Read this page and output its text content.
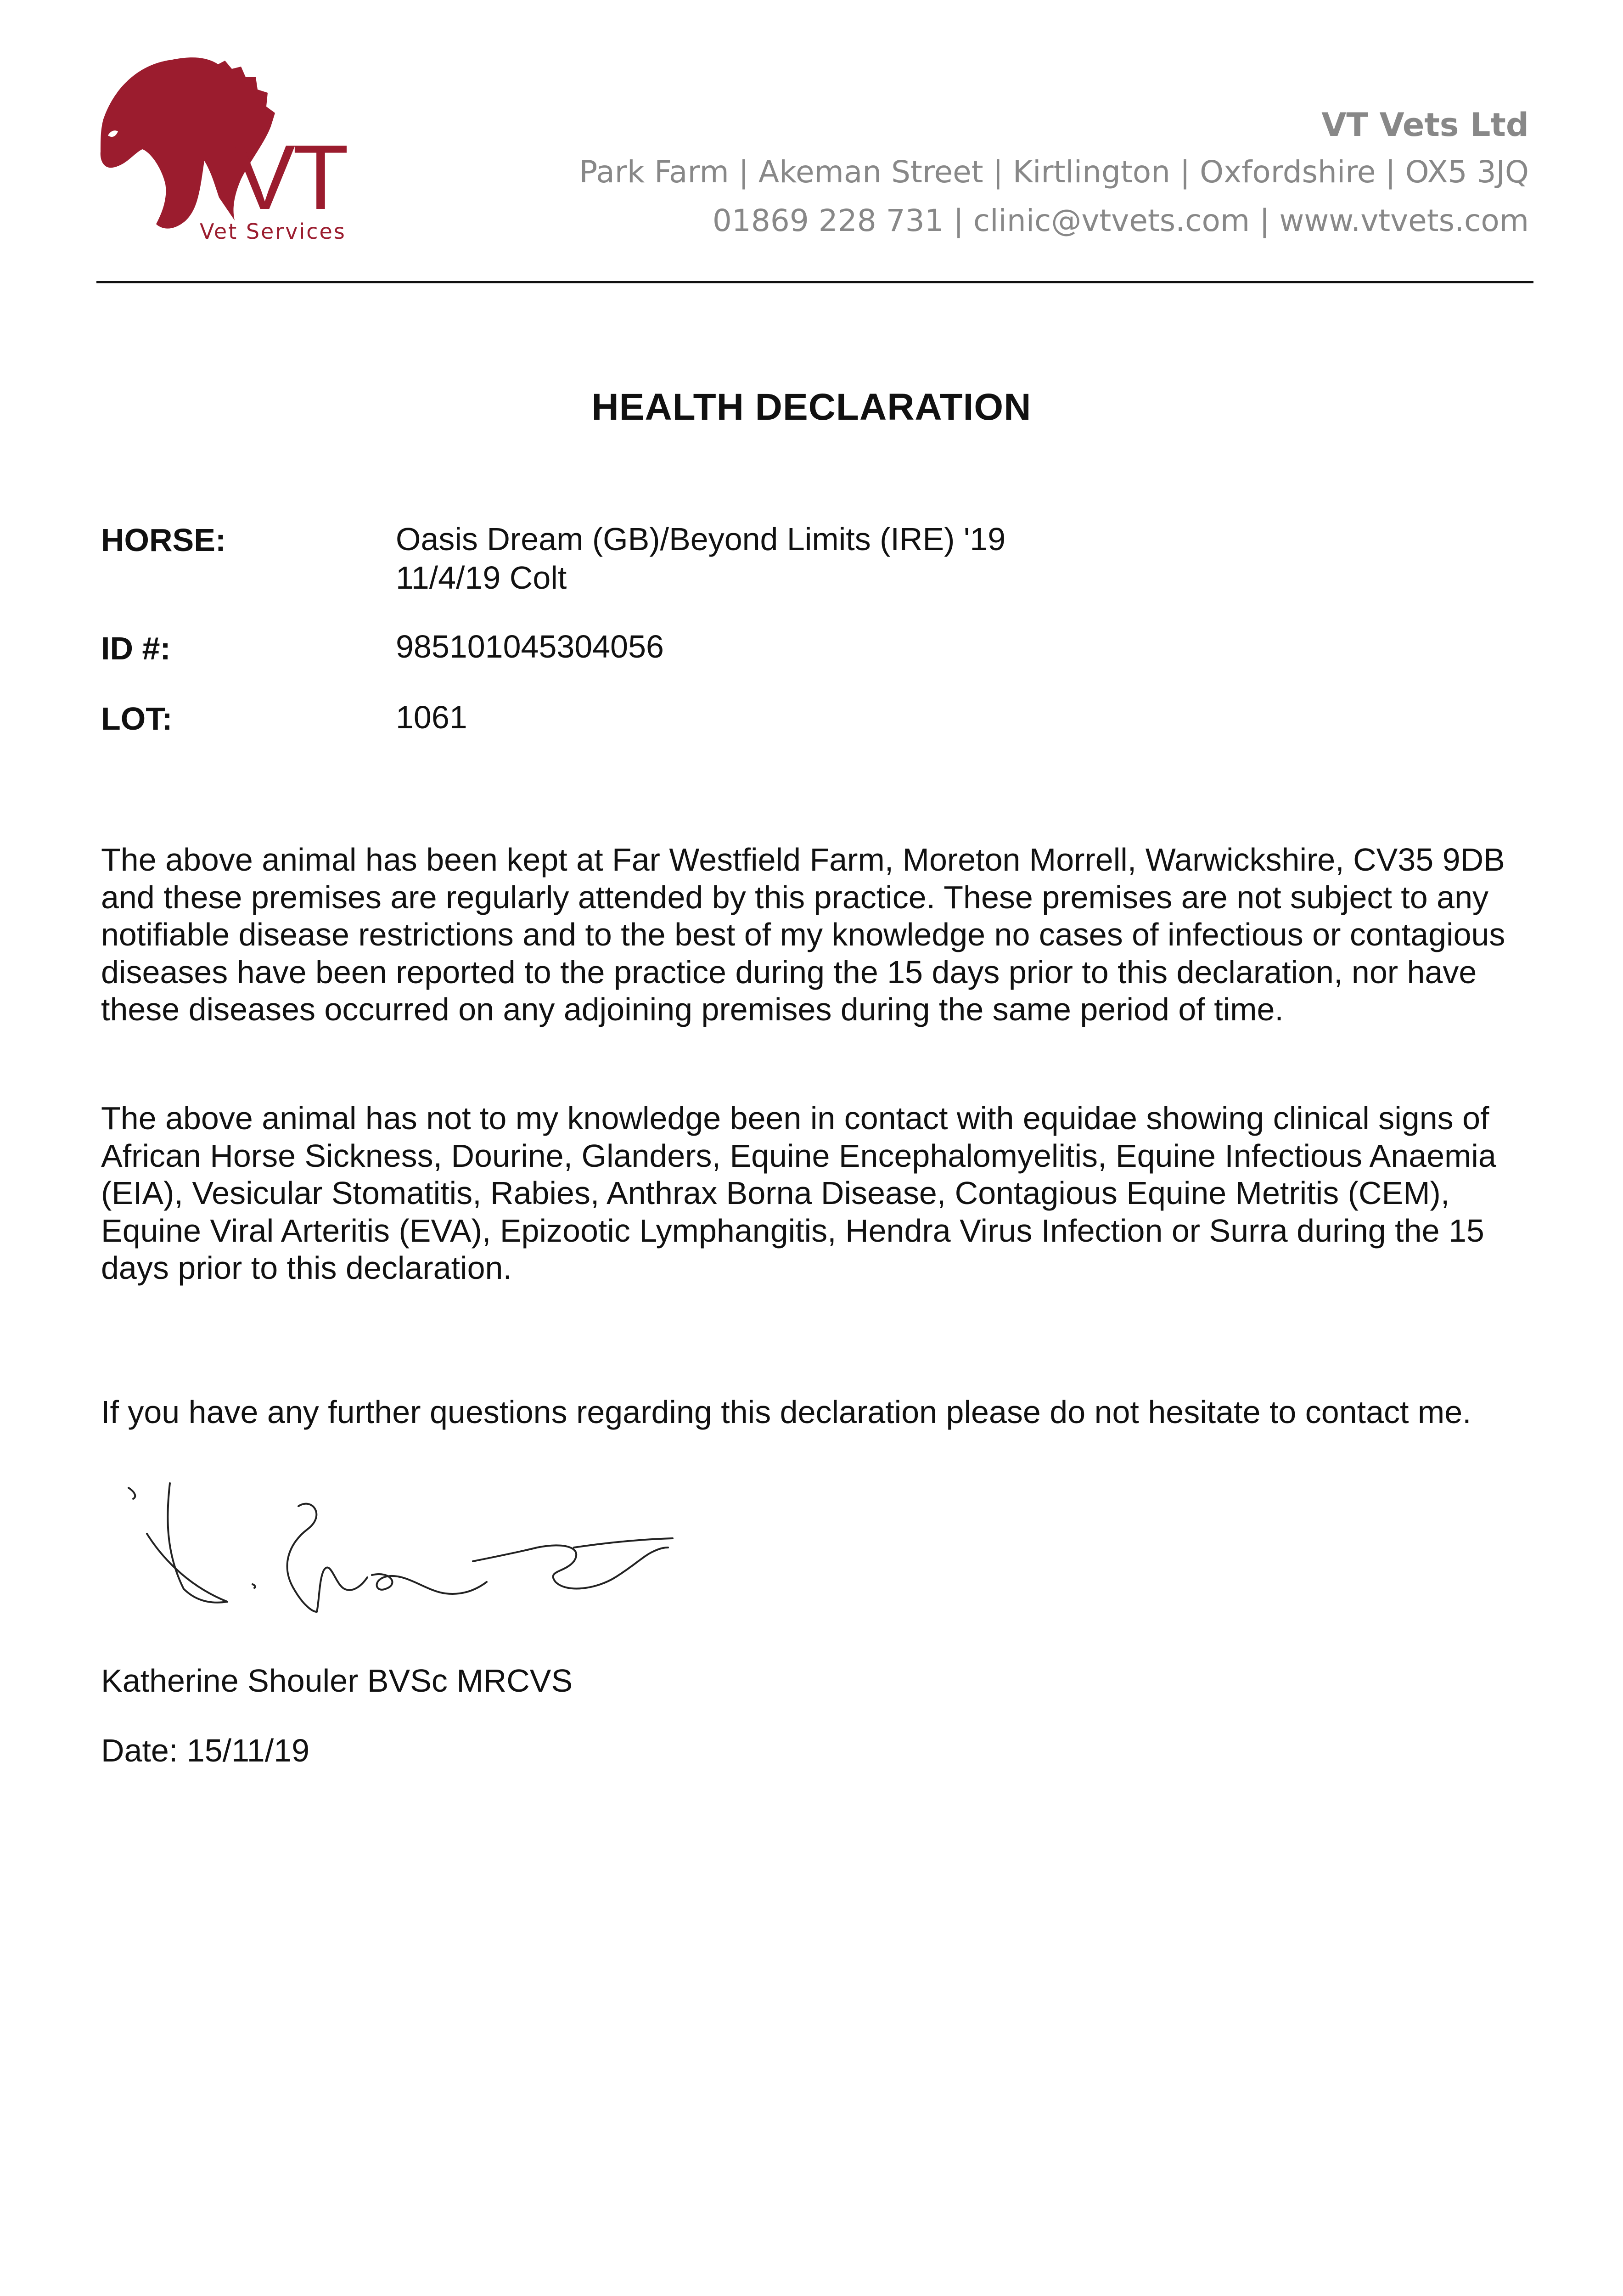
VT
Vet Services
VT Vets Ltd
Park Farm | Akeman Street | Kirtlington | Oxfordshire | OX5 3JQ
01869 228 731 | clinic@vtvets.com | www.vtvets.com
HEALTH DECLARATION
HORSE:	Oasis Dream (GB)/Beyond Limits (IRE) '19
11/4/19 Colt
ID #:	985101045304056
LOT:	1061
The above animal has been kept at Far Westfield Farm, Moreton Morrell, Warwickshire, CV35 9DB and these premises are regularly attended by this practice. These premises are not subject to any notifiable disease restrictions and to the best of my knowledge no cases of infectious or contagious diseases have been reported to the practice during the 15 days prior to this declaration, nor have these diseases occurred on any adjoining premises during the same period of time.
The above animal has not to my knowledge been in contact with equidae showing clinical signs of African Horse Sickness, Dourine, Glanders, Equine Encephalomyelitis, Equine Infectious Anaemia (EIA), Vesicular Stomatitis, Rabies, Anthrax Borna Disease, Contagious Equine Metritis (CEM), Equine Viral Arteritis (EVA), Epizootic Lymphangitis, Hendra Virus Infection or Surra during the 15 days prior to this declaration.
If you have any further questions regarding this declaration please do not hesitate to contact me.
Katherine Shouler BVSc MRCVS
Date: 15/11/19
